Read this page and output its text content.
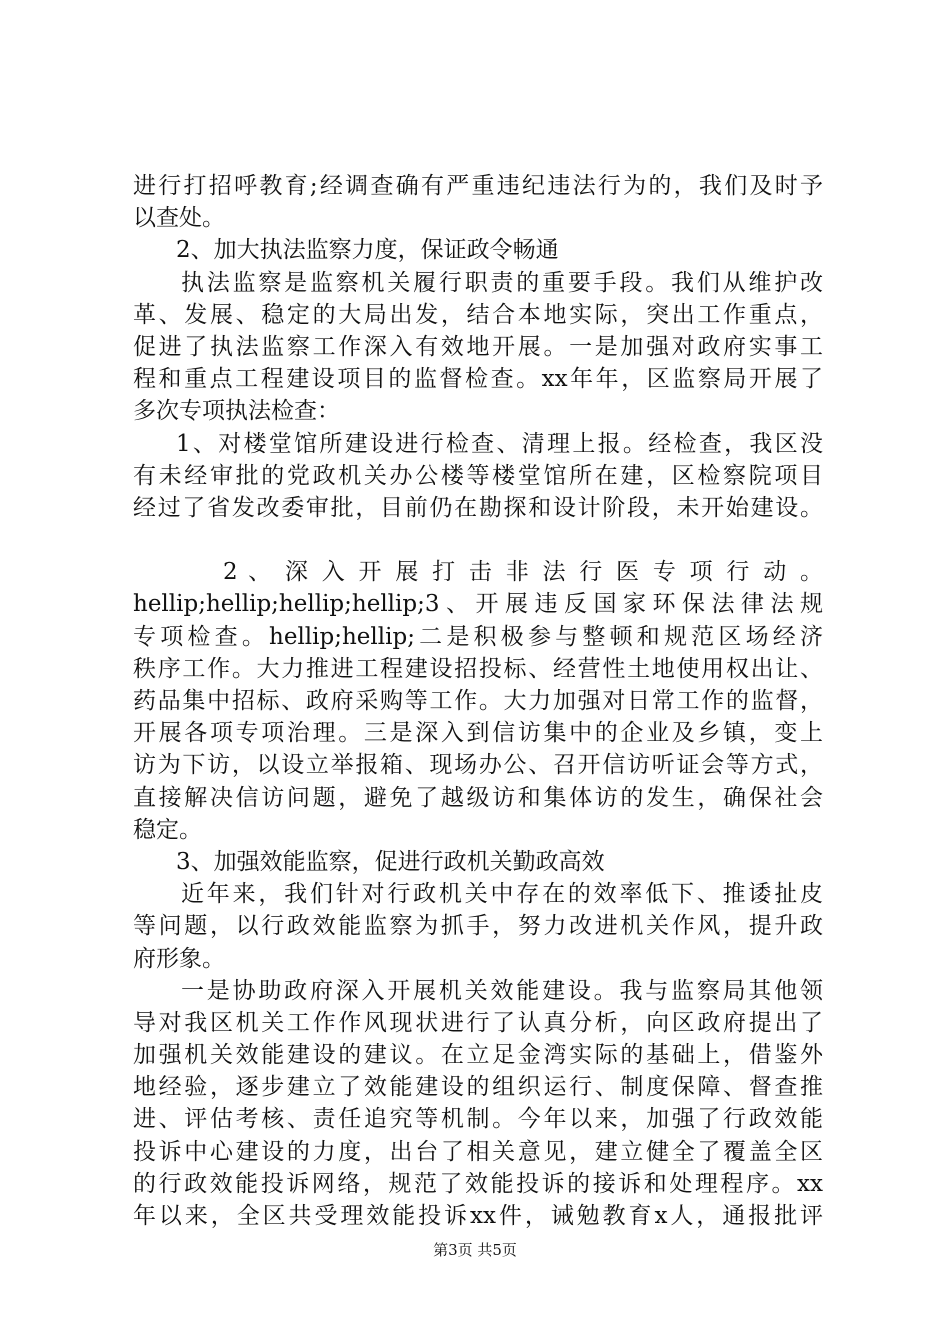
进行打招呼教育;经调查确有严重违纪违法行为的，我们及时予
以查处。
2、加大执法监察力度，保证政令畅通
执法监察是监察机关履行职责的重要手段。我们从维护改
革、发展、稳定的大局出发，结合本地实际，突出工作重点，
促进了执法监察工作深入有效地开展。一是加强对政府实事工
程和重点工程建设项目的监督检查。xx年年，区监察局开展了
多次专项执法检查：
1、对楼堂馆所建设进行检查、清理上报。经检查，我区没
有未经审批的党政机关办公楼等楼堂馆所在建，区检察院项目
经过了省发改委审批，目前仍在勘探和设计阶段，未开始建设。
2 、 深 入 开 展 打 击 非 法 行 医 专 项 行 动 。
hellip;hellip;hellip;hellip;3、开展违反国家环保法律法规
专项检查。hellip;hellip;二是积极参与整顿和规范区场经济
秩序工作。大力推进工程建设招投标、经营性土地使用权出让、
药品集中招标、政府采购等工作。大力加强对日常工作的监督，
开展各项专项治理。三是深入到信访集中的企业及乡镇，变上
访为下访，以设立举报箱、现场办公、召开信访听证会等方式，
直接解决信访问题，避免了越级访和集体访的发生，确保社会
稳定。
3、加强效能监察，促进行政机关勤政高效
近年来，我们针对行政机关中存在的效率低下、推诿扯皮
等问题，以行政效能监察为抓手，努力改进机关作风，提升政
府形象。
一是协助政府深入开展机关效能建设。我与监察局其他领
导对我区机关工作作风现状进行了认真分析，向区政府提出了
加强机关效能建设的建议。在立足金湾实际的基础上，借鉴外
地经验，逐步建立了效能建设的组织运行、制度保障、督查推
进、评估考核、责任追究等机制。今年以来，加强了行政效能
投诉中心建设的力度，出台了相关意见，建立健全了覆盖全区
的行政效能投诉网络，规范了效能投诉的接诉和处理程序。xx
年以来，全区共受理效能投诉xx件，诫勉教育x人，通报批评
第3页 共5页
